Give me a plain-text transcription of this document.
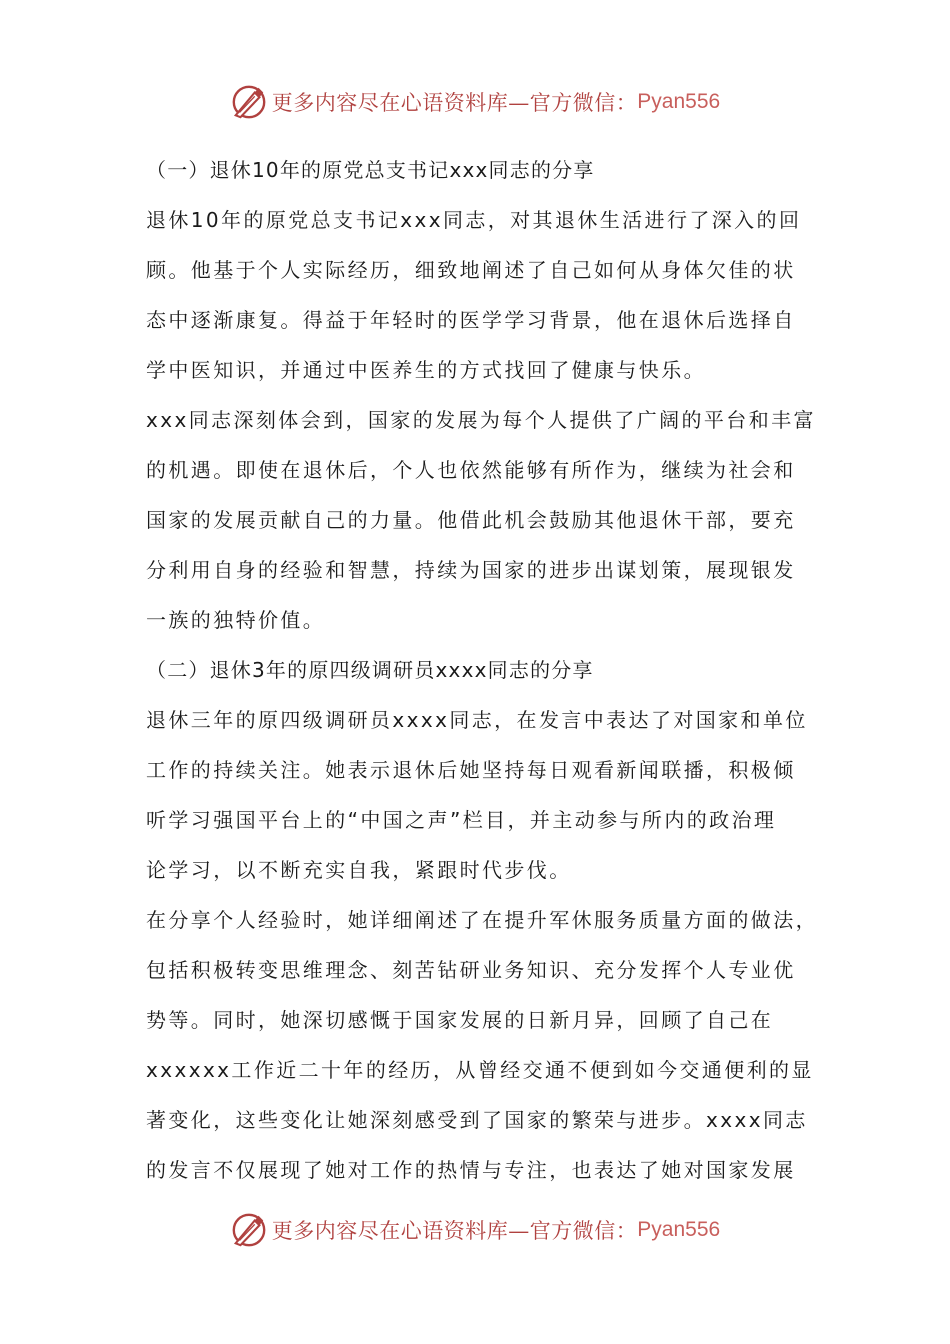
更多内容尽在心语资料库—官方微信： Pyan556
（一）退休10年的原党总支书记xxx同志的分享
退休10年的原党总支书记xxx同志，对其退休生活进行了深入的回
顾。他基于个人实际经历，细致地阐述了自己如何从身体欠佳的状
态中逐渐康复。得益于年轻时的医学学习背景，他在退休后选择自
学中医知识，并通过中医养生的方式找回了健康与快乐。
xxx同志深刻体会到，国家的发展为每个人提供了广阔的平台和丰富
的机遇。即使在退休后，个人也依然能够有所作为，继续为社会和
国家的发展贡献自己的力量。他借此机会鼓励其他退休干部，要充
分利用自身的经验和智慧，持续为国家的进步出谋划策，展现银发
一族的独特价值。
（二）退休3年的原四级调研员xxxx同志的分享
退休三年的原四级调研员xxxx同志，在发言中表达了对国家和单位
工作的持续关注。她表示退休后她坚持每日观看新闻联播，积极倾
听学习强国平台上的“中国之声”栏目，并主动参与所内的政治理
论学习，以不断充实自我，紧跟时代步伐。
在分享个人经验时，她详细阐述了在提升军休服务质量方面的做法，
包括积极转变思维理念、刻苦钻研业务知识、充分发挥个人专业优
势等。同时，她深切感慨于国家发展的日新月异，回顾了自己在
xxxxxx工作近二十年的经历，从曾经交通不便到如今交通便利的显
著变化，这些变化让她深刻感受到了国家的繁荣与进步。xxxx同志
的发言不仅展现了她对工作的热情与专注，也表达了她对国家发展
更多内容尽在心语资料库—官方微信： Pyan556
